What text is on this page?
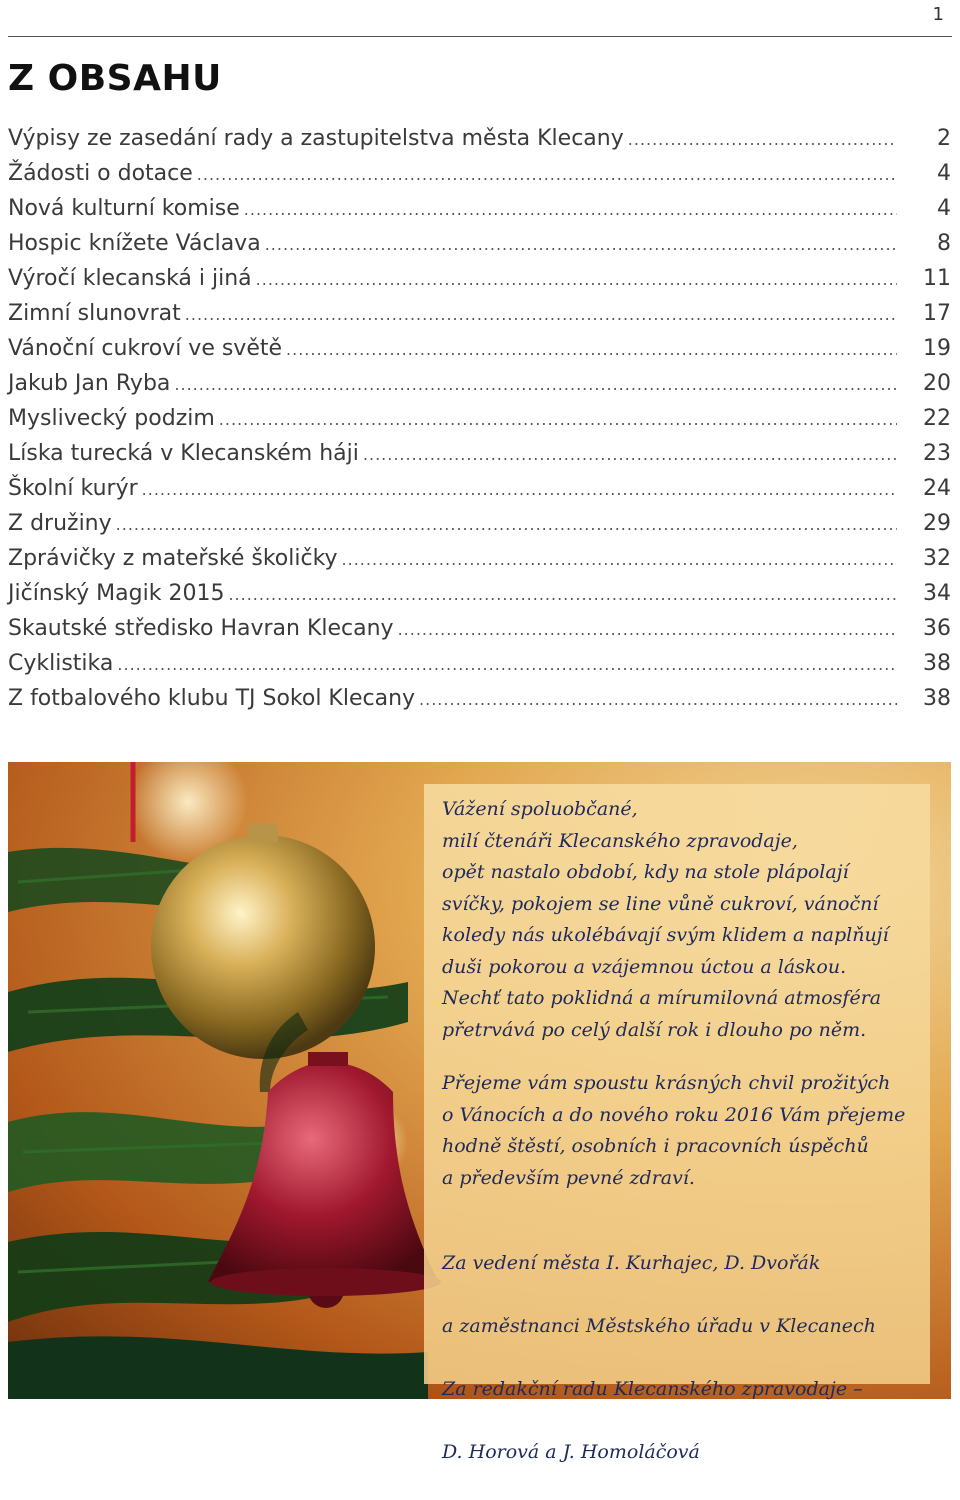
1
Z OBSAHU
Výpisy ze zasedání rady a zastupitelstva města Klecany .....	2
Žádosti o dotace .....	4
Nová kulturní komise .....	4
Hospic knížete Václava .....	8
Výročí klecanská i jiná .....	11
Zimní slunovrat .....	17
Vánoční cukroví ve světě .....	19
Jakub Jan Ryba .....	20
Myslivecký podzim .....	22
Líska turecká v Klecanském háji .....	23
Školní kurýr .....	24
Z družiny .....	29
Zprávičky z mateřské školičky .....	32
Jičínský Magik 2015 .....	34
Skautské středisko Havran Klecany .....	36
Cyklistika .....	38
Z fotbalového klubu TJ Sokol Klecany .....	38

Vážení spoluobčané,
milí čtenáři Klecanského zpravodaje,
opět nastalo období, kdy na stole plápolají
svíčky, pokojem se line vůně cukroví, vánoční
koledy nás ukolébávají svým klidem a naplňují
duši pokorou a vzájemnou úctou a láskou.
Nechť tato poklidná a mírumilovná atmosféra
přetrvává po celý další rok i dlouho po něm.

Přejeme vám spoustu krásných chvil prožitých
o Vánocích a do nového roku 2016 Vám přejeme
hodně štěstí, osobních i pracovních úspěchů
a především pevné zdraví.

Za vedení města I. Kurhajec, D. Dvořák

a zaměstnanci Městského úřadu v Klecanech

Za redakční radu Klecanského zpravodaje –

D. Horová a J. Homoláčová
